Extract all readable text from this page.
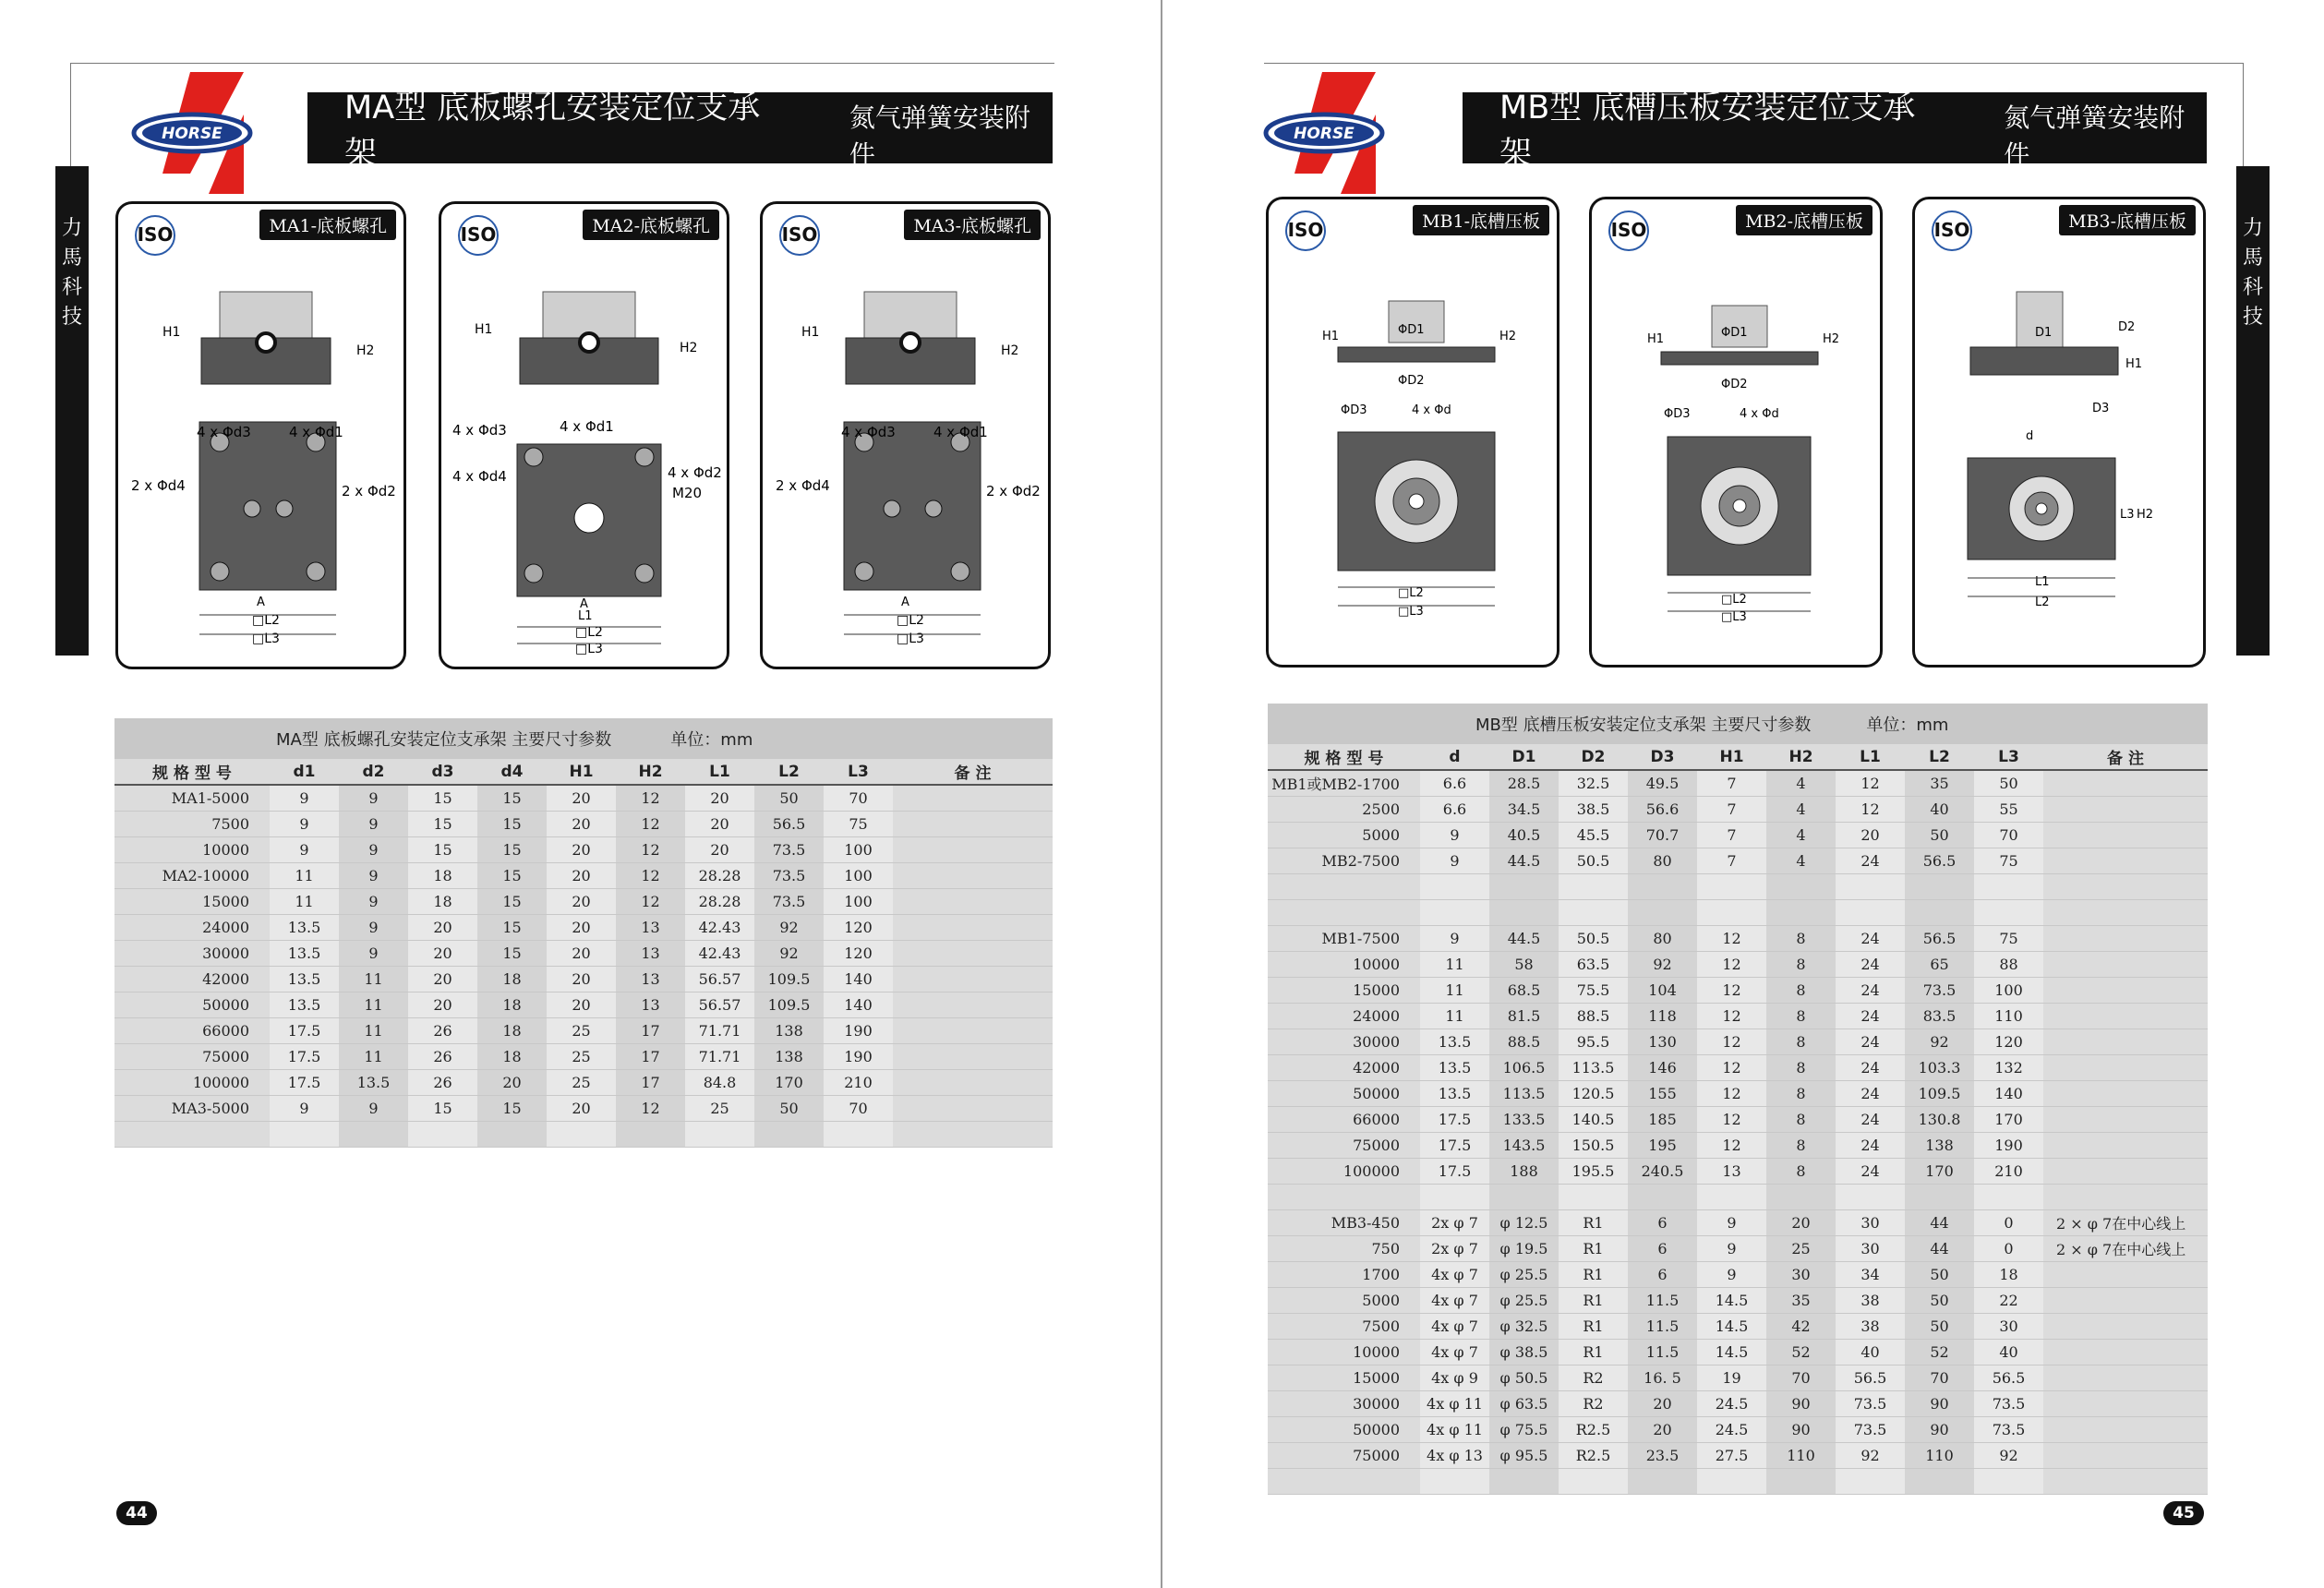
力
馬
科
技
HORSE
MA型 底板螺孔安装定位支承架
氮气弹簧安装附件
ISO	MA1-底板螺孔
H1
H2
4 x Φd3	4 x Φd1
2 x Φd4	2 x Φd2
A
□L2
□L3
ISO	MA2-底板螺孔
H1
H2
4 x Φd3	4 x Φd1
4 x Φd4	4 x Φd2
M20
A
L1
□L2
□L3
ISO	MA3-底板螺孔
H1
H2
4 x Φd3	4 x Φd1
2 x Φd4	2 x Φd2
A
□L2
□L3
MA型 底板螺孔安装定位支承架 主要尺寸参数 单位：mm										
规 格 型 号	d1	d2	d3	d4	H1	H2	L1	L2	L3	备 注
MA1-5000	9	9	15	15	20	12	20	50	70	
7500	9	9	15	15	20	12	20	56.5	75	
10000	9	9	15	15	20	12	20	73.5	100	
MA2-10000	11	9	18	15	20	12	28.28	73.5	100	
15000	11	9	18	15	20	12	28.28	73.5	100	
24000	13.5	9	20	15	20	13	42.43	92	120	
30000	13.5	9	20	15	20	13	42.43	92	120	
42000	13.5	11	20	18	20	13	56.57	109.5	140	
50000	13.5	11	20	18	20	13	56.57	109.5	140	
66000	17.5	11	26	18	25	17	71.71	138	190	
75000	17.5	11	26	18	25	17	71.71	138	190	
100000	17.5	13.5	26	20	25	17	84.8	170	210	
MA3-5000	9	9	15	15	20	12	25	50	70	

44
力
馬
科
技
HORSE
MB型 底槽压板安装定位支承架
氮气弹簧安装附件
ISO	MB1-底槽压板
ΦD1
ΦD2
H1	H2
ΦD3	4 x Φd
□L2
□L3
ISO	MB2-底槽压板
ΦD1
ΦD2
H1	H2
ΦD3	4 x Φd
□L2
□L3
ISO	MB3-底槽压板
D1	D2
H1
D3
d
L3 H2
L1
L2
MB型 底槽压板安装定位支承架 主要尺寸参数 单位：mm										
规 格 型 号	d	D1	D2	D3	H1	H2	L1	L2	L3	备 注
MB1或MB2-1700	6.6	28.5	32.5	49.5	7	4	12	35	50	
2500	6.6	34.5	38.5	56.6	7	4	12	40	55	
5000	9	40.5	45.5	70.7	7	4	20	50	70	
MB2-7500	9	44.5	50.5	80	7	4	24	56.5	75	

MB1-7500	9	44.5	50.5	80	12	8	24	56.5	75	
10000	11	58	63.5	92	12	8	24	65	88	
15000	11	68.5	75.5	104	12	8	24	73.5	100	
24000	11	81.5	88.5	118	12	8	24	83.5	110	
30000	13.5	88.5	95.5	130	12	8	24	92	120	
42000	13.5	106.5	113.5	146	12	8	24	103.3	132	
50000	13.5	113.5	120.5	155	12	8	24	109.5	140	
66000	17.5	133.5	140.5	185	12	8	24	130.8	170	
75000	17.5	143.5	150.5	195	12	8	24	138	190	
100000	17.5	188	195.5	240.5	13	8	24	170	210	

MB3-450	2x φ 7	φ 12.5	R1	6	9	20	30	44	0	2 × φ 7在中心线上
750	2x φ 7	φ 19.5	R1	6	9	25	30	44	0	2 × φ 7在中心线上
1700	4x φ 7	φ 25.5	R1	6	9	30	34	50	18	
5000	4x φ 7	φ 25.5	R1	11.5	14.5	35	38	50	22	
7500	4x φ 7	φ 32.5	R1	11.5	14.5	42	38	50	30	
10000	4x φ 7	φ 38.5	R1	11.5	14.5	52	40	52	40	
15000	4x φ 9	φ 50.5	R2	16. 5	19	70	56.5	70	56.5	
30000	4x φ 11	φ 63.5	R2	20	24.5	90	73.5	90	73.5	
50000	4x φ 11	φ 75.5	R2.5	20	24.5	90	73.5	90	73.5	
75000	4x φ 13	φ 95.5	R2.5	23.5	27.5	110	92	110	92	

45
